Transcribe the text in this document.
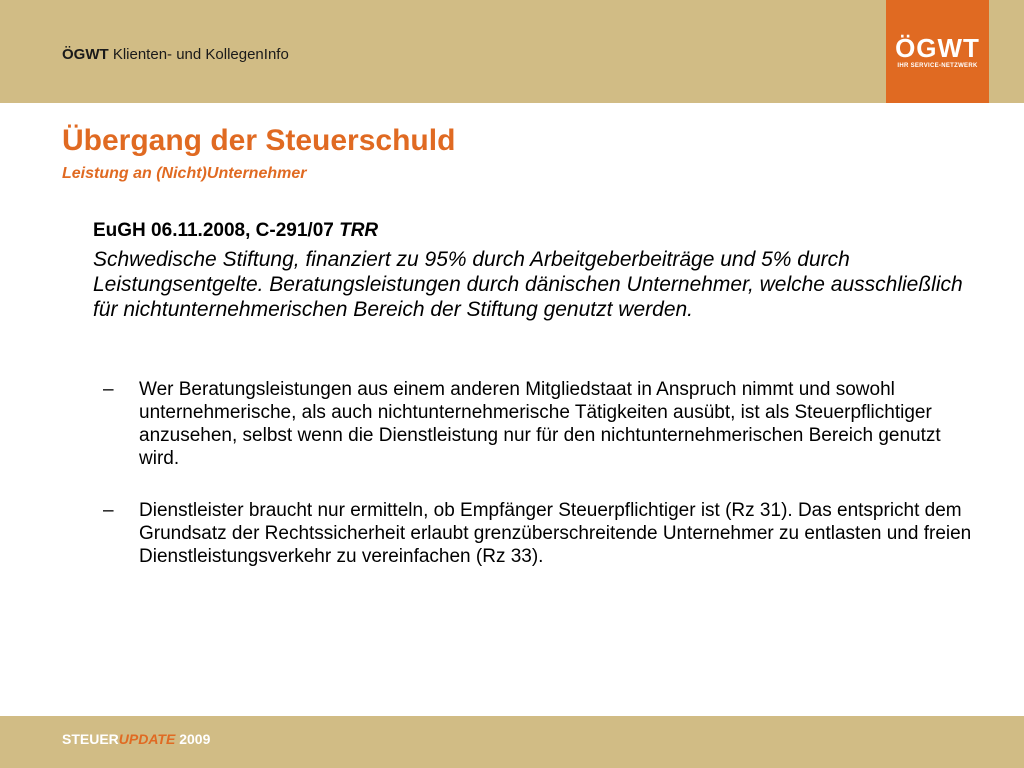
ÖGWT Klienten- und KollegenInfo	ÖGWT
IHR SERVICE-NETZWERK
Übergang der Steuerschuld
Leistung an (Nicht)Unternehmer
EuGH 06.11.2008, C-291/07 TRR

Schwedische Stiftung, finanziert zu 95% durch Arbeitgeberbeiträge und 5% durch Leistungsentgelte. Beratungsleistungen durch dänischen Unternehmer, welche ausschließlich für nichtunternehmerischen Bereich der Stiftung genutzt werden.

– Wer Beratungsleistungen aus einem anderen Mitgliedstaat in Anspruch nimmt und sowohl unternehmerische, als auch nichtunternehmerische Tätigkeiten ausübt, ist als Steuerpflichtiger anzusehen, selbst wenn die Dienstleistung nur für den nichtunternehmerischen Bereich genutzt wird.
– Dienstleister braucht nur ermitteln, ob Empfänger Steuerpflichtiger ist (Rz 31). Das entspricht dem Grundsatz der Rechtssicherheit erlaubt grenzüberschreitende Unternehmer zu entlasten und freien Dienstleistungsverkehr zu vereinfachen (Rz 33).
STEUERUPDATE 2009
